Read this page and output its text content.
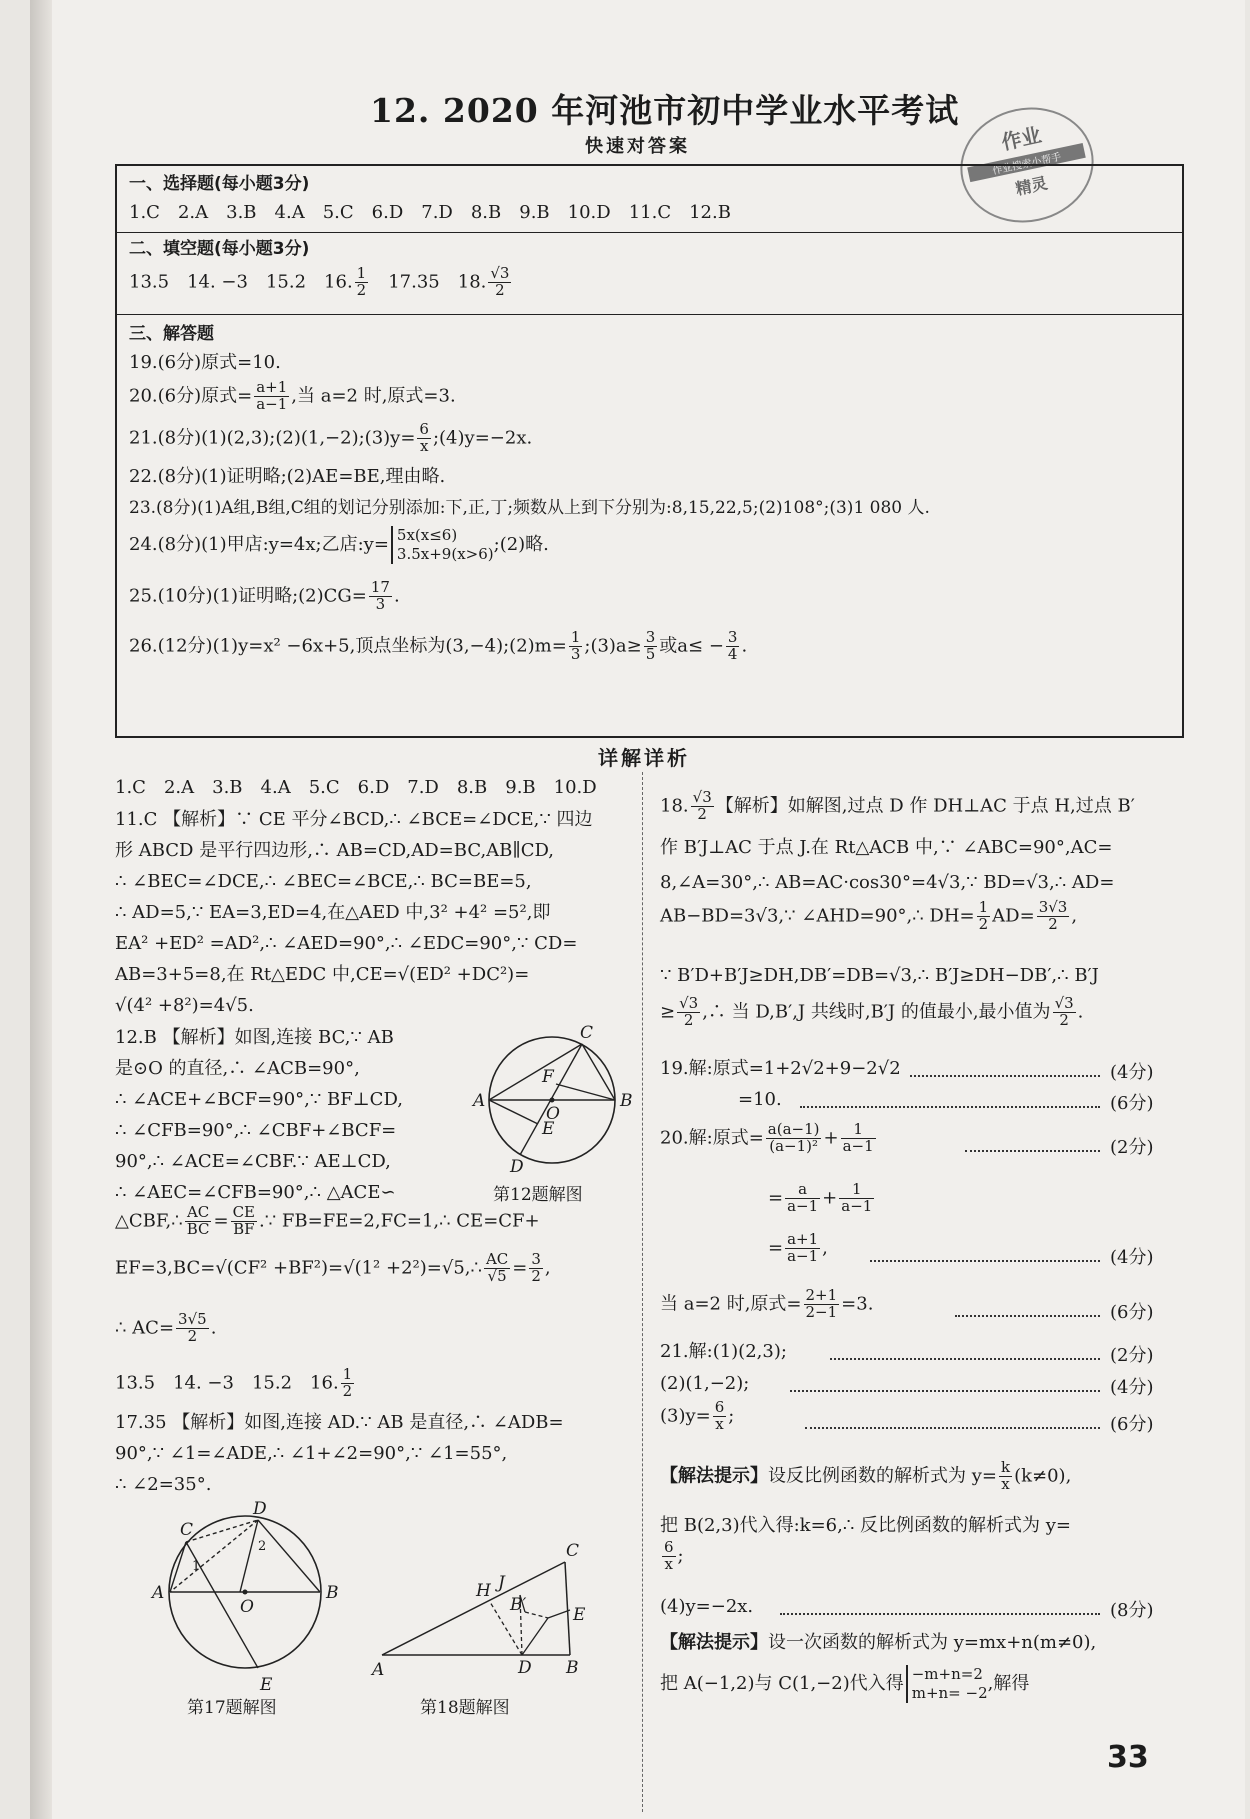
12. 2020 年河池市初中学业水平考试
快速对答案	作业
作业搜索小帮手
精灵
一、选择题(每小题3分)
1.C　2.A　3.B　4.A　5.C　6.D　7.D　8.B　9.B　10.D　11.C　12.B
二、填空题(每小题3分)
13.5　14. −3　15.2　16. $\frac{1}{2}$
　 17.35　18. $\frac{√3}{2}$
三、解答题
19.(6分)原式=10.
20.(6分)原式= $\frac{a+1}{a-1}$ ,当 a=2 时,原式=3.
21.(8分)(1)(2,3);(2)(1,−2);(3)y= $\frac{6}{x}$ ;(4)y=−2x.
22.(8分)(1)证明略;(2)AE=BE,理由略.
23.(8分)(1)A组,B组,C组的划记分别添加:下,正,丁;频数从上到下分别为:8,15,22,5;(2)108°;(3)1 080 人.
24.(8分)(1)甲店:y=4x;乙店:y= 5x(x≤6)
3.5x+9(x>6) ;(2)略.
25.(10分)(1)证明略;(2)CG= $\frac{17}{3}$ .
26.(12分)(1)y=x² −6x+5,顶点坐标为(3,−4);(2)m= $\frac{1}{3}$ ;(3)a≥ $\frac{3}{5}$ 或$a\le - \frac{3}{4}$ .
详解详析
1.C　2.A　3.B　4.A　5.C　6.D　7.D　8.B　9.B　10.D
11.C 【解析】∵ CE 平分∠BCD,∴ ∠BCE=∠DCE,∵ 四边
形 ABCD 是平行四边形,∴ AB=CD,AD=BC,AB∥CD,
∴ ∠BEC=∠DCE,∴ ∠BEC=∠BCE,∴ BC=BE=5,
∴ AD=5,∵ EA=3,ED=4,在△AED 中,3² +4² =5²,即
EA² +ED² =AD²,∴ ∠AED=90°,∴ ∠EDC=90°,∵ CD=
AB=3+5=8,在 Rt△EDC 中,CE=√(ED² +DC²)=
√(4² +8²)=4√5.
12.B 【解析】如图,连接 BC,∵ AB
是⊙O 的直径,∴ ∠ACB=90°,
∴ ∠ACE+∠BCF=90°,∵ BF⊥CD,
∴ ∠CFB=90°,∴ ∠CBF+∠BCF=
90°,∴ ∠ACE=∠CBF.∵ AE⊥CD,
∴ ∠AEC=∠CFB=90°,∴ △ACE∽
△CBF,∴ $\frac{AC}{BC} = \frac{CE}{BF}$ .∵ FB=FE=2,FC=1,∴ CE=CF+
EF=3,BC=√(CF² +BF²)=√(1² +2²)=√5,∴ $\frac{AC}{√5} = \frac{3}{2}$ ,
∴ $AC= \frac{3√5}{2}$ .
13.5　14. −3　15.2　16. $\frac{1}{2}$
17.35 【解析】如图,连接 AD.∵ AB 是直径,∴ ∠ADB=
90°,∵ ∠1=∠ADE,∴ ∠1+∠2=90°,∵ ∠1=55°,
∴ ∠2=35°.
A	B
C
D
E
F
O
第12题解图
C
D
A	B
O
E
1
2
第17题解图
A	D B
C
E
H J
B′
第18题解图
18. $\frac{√3}{2}$ 【解析】如解图,过点 D 作 DH⊥AC 于点 H,过点 B′
作 B′J⊥AC 于点 J.在 Rt△ACB 中,∵ ∠ABC=90°,AC=
8,∠A=30°,∴ AB=AC·cos30°=4√3,∵ BD=√3,∴ AD=
AB−BD=3√3,∵ ∠AHD=90°,∴ $DH= \frac{1}{2} AD= \frac{3√3}{2}$ ,
∵ B′D+B′J≥DH,DB′=DB=√3,∴ B′J≥DH−DB′,∴ B′J
≥ $\frac{√3}{2}$ ,∴ 当 D,B′,J 共线时,B′J 的值最小,最小值为 $\frac{√3}{2}$ .
19.解:原式=1+2√2+9−2√2	(4分)
=10.	(6分)
20.解:原式= $\frac{a(a-1)}{\text{(a−1)²}} + \frac{1}{a-1}$	(2分)
= $\frac{a}{a-1} + \frac{1}{a-1}$
= $\frac{a+1}{a-1}$ ,	(4分)
当 a=2 时,原式= $\frac{2+1}{2-1} =3$.	(6分)
21.解:(1)(2,3);	(2分)
(2)(1,−2);	(4分)
$(3)y= \frac{6}{x}$ ;	(6分)
【解法提示】设反比例函数的解析式为 $y= \frac{k}{x} (k\ne 0)$,
把 B(2,3)代入得:k=6,∴ 反比例函数的解析式为 y=
$\frac{6}{x}$ ;
(4)y=−2x.	(8分)
【解法提示】设一次函数的解析式为 y=mx+n(m≠0),
把 A(−1,2)与 C(1,−2)代入得 −m+n=2
m+n= −2 ,解得
33
